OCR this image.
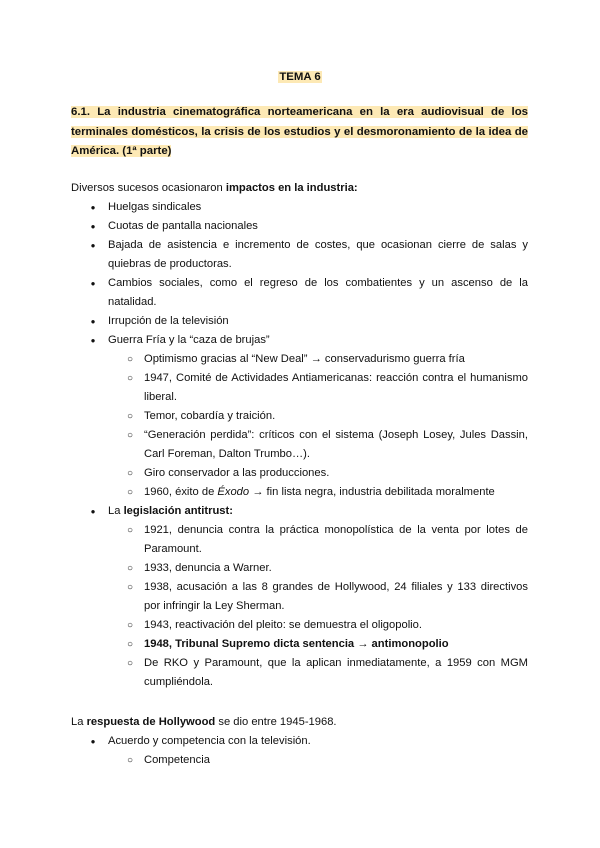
TEMA 6
6.1. La industria cinematográfica norteamericana en la era audiovisual de los terminales domésticos, la crisis de los estudios y el desmoronamiento de la idea de América. (1ª parte)
Diversos sucesos ocasionaron impactos en la industria:
● Huelgas sindicales
● Cuotas de pantalla nacionales
● Bajada de asistencia e incremento de costes, que ocasionan cierre de salas y quiebras de productoras.
● Cambios sociales, como el regreso de los combatientes y un ascenso de la natalidad.
● Irrupción de la televisión
● Guerra Fría y la “caza de brujas”
○ Optimismo gracias al “New Deal” → conservadurismo guerra fría
○ 1947, Comité de Actividades Antiamericanas: reacción contra el humanismo liberal.
○ Temor, cobardía y traición.
○ “Generación perdida”: críticos con el sistema (Joseph Losey, Jules Dassin, Carl Foreman, Dalton Trumbo…).
○ Giro conservador a las producciones.
○ 1960, éxito de Éxodo → fin lista negra, industria debilitada moralmente
● La legislación antitrust:
○ 1921, denuncia contra la práctica monopolística de la venta por lotes de Paramount.
○ 1933, denuncia a Warner.
○ 1938, acusación a las 8 grandes de Hollywood, 24 filiales y 133 directivos por infringir la Ley Sherman.
○ 1943, reactivación del pleito: se demuestra el oligopolio.
○ 1948, Tribunal Supremo dicta sentencia → antimonopolio
○ De RKO y Paramount, que la aplican inmediatamente, a 1959 con MGM cumpliéndola.
La respuesta de Hollywood se dio entre 1945-1968.
● Acuerdo y competencia con la televisión.
○ Competencia
